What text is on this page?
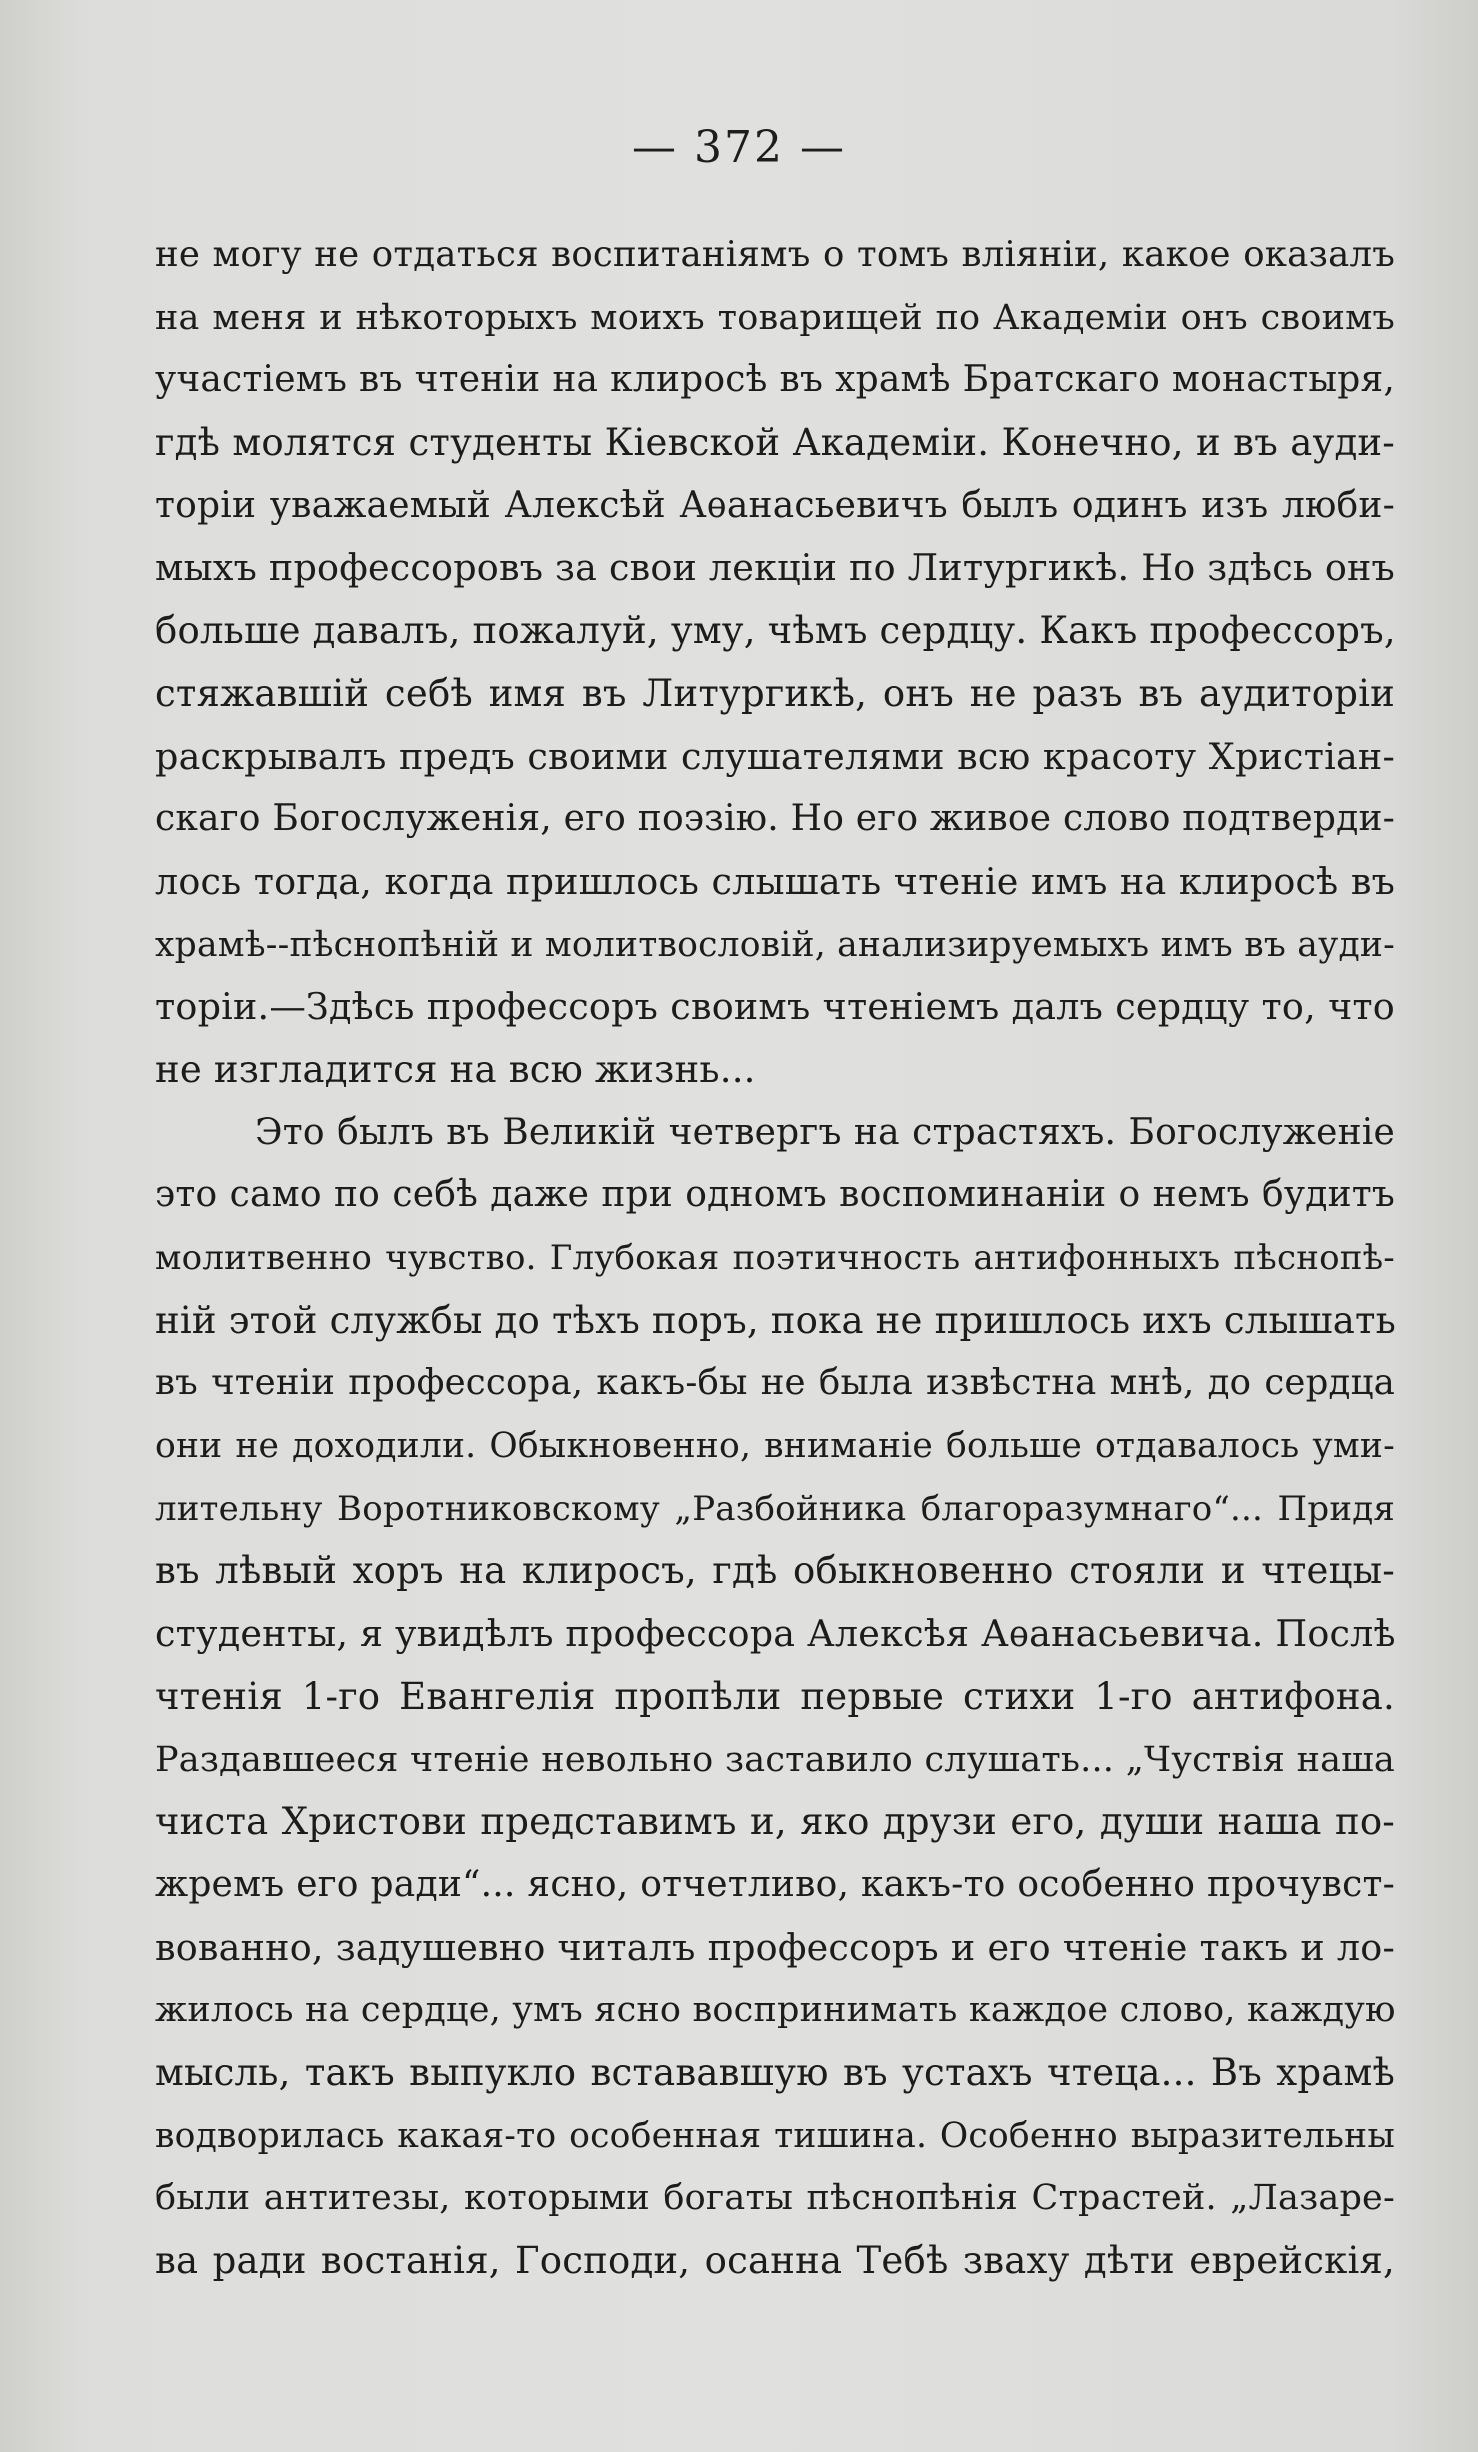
— 372 —
не могу не отдаться воспитаніямъ о томъ вліяніи, какое оказалъ
на меня и нѣкоторыхъ моихъ товарищей по Академіи онъ своимъ
участіемъ въ чтеніи на клиросѣ въ храмѣ Братскаго монастыря,
гдѣ молятся студенты Кіевской Академіи. Конечно, и въ ауди-
торіи уважаемый Алексѣй Аѳанасьевичъ былъ одинъ изъ люби-
мыхъ профессоровъ за свои лекціи по Литургикѣ. Но здѣсь онъ
больше давалъ, пожалуй, уму, чѣмъ сердцу. Какъ профессоръ,
стяжавшій себѣ имя въ Литургикѣ, онъ не разъ въ аудиторіи
раскрывалъ предъ своими слушателями всю красоту Христіан-
скаго Богослуженія, его поэзію. Но его живое слово подтверди-
лось тогда, когда пришлось слышать чтеніе имъ на клиросѣ въ
храмѣ--пѣснопѣній и молитвословій, анализируемыхъ имъ въ ауди-
торіи.—Здѣсь профессоръ своимъ чтеніемъ далъ сердцу то, что
не изгладится на всю жизнь...
Это былъ въ Великій четвергъ на страстяхъ. Богослуженіе
это само по себѣ даже при одномъ воспоминаніи о немъ будитъ
молитвенно чувство. Глубокая поэтичность антифонныхъ пѣснопѣ-
ній этой службы до тѣхъ поръ, пока не пришлось ихъ слышать
въ чтеніи профессора, какъ-бы не была извѣстна мнѣ, до сердца
они не доходили. Обыкновенно, вниманіе больше отдавалось уми-
лительну Воротниковскому „Разбойника благоразумнаго“... Придя
въ лѣвый хоръ на клиросъ, гдѣ обыкновенно стояли и чтецы-
студенты, я увидѣлъ профессора Алексѣя Аѳанасьевича. Послѣ
чтенія 1-го Евангелія пропѣли первые стихи 1-го антифона.
Раздавшееся чтеніе невольно заставило слушать... „Чуствія наша
чиста Христови представимъ и, яко друзи его, души наша по-
жремъ его ради“... ясно, отчетливо, какъ-то особенно прочувст-
вованно, задушевно читалъ профессоръ и его чтеніе такъ и ло-
жилось на сердце, умъ ясно воспринимать каждое слово, каждую
мысль, такъ выпукло встававшую въ устахъ чтеца... Въ храмѣ
водворилась какая-то особенная тишина. Особенно выразительны
были антитезы, которыми богаты пѣснопѣнія Страстей. „Лазаре-
ва ради востанія, Господи, осанна Тебѣ зваху дѣти еврейскія,
